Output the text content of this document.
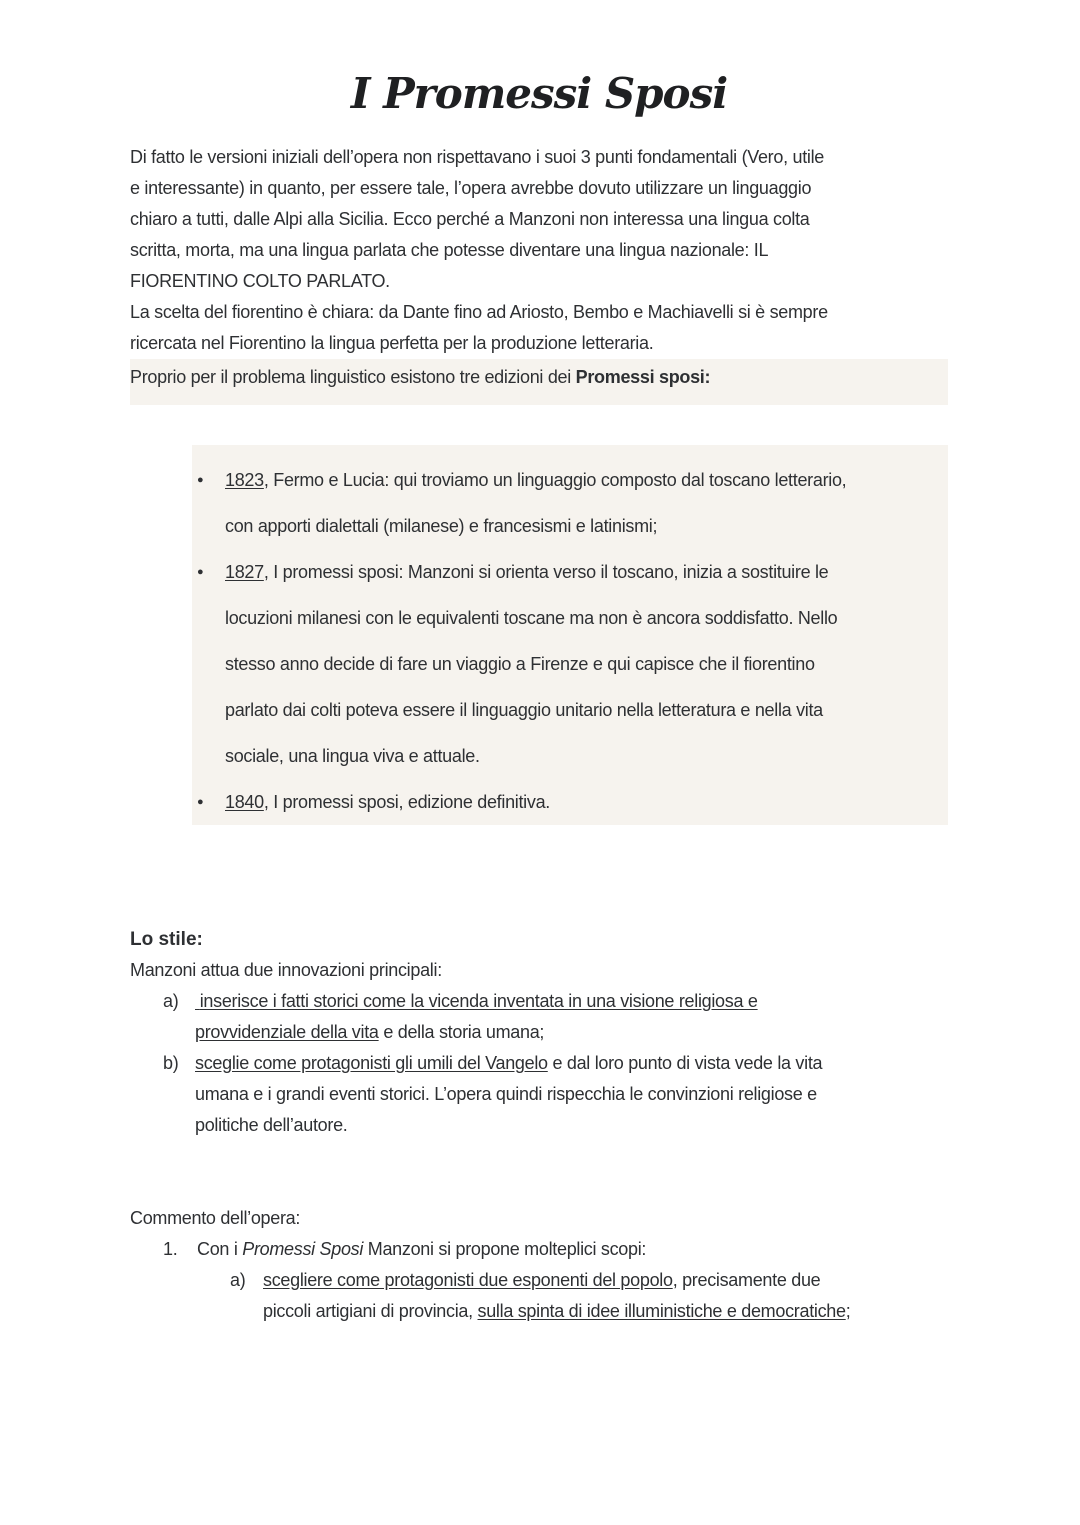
I Promessi Sposi
Di fatto le versioni iniziali dell’opera non rispettavano i suoi 3 punti fondamentali (Vero, utile
e interessante) in quanto, per essere tale, l’opera avrebbe dovuto utilizzare un linguaggio
chiaro a tutti, dalle Alpi alla Sicilia. Ecco perché a Manzoni non interessa una lingua colta
scritta, morta, ma una lingua parlata che potesse diventare una lingua nazionale: IL
FIORENTINO COLTO PARLATO.
La scelta del fiorentino è chiara: da Dante fino ad Ariosto, Bembo e Machiavelli si è sempre
ricercata nel Fiorentino la lingua perfetta per la produzione letteraria.
Proprio per il problema linguistico esistono tre edizioni dei Promessi sposi:
●	1823, Fermo e Lucia: qui troviamo un linguaggio composto dal toscano letterario,
con apporti dialettali (milanese) e francesismi e latinismi;
●	1827, I promessi sposi: Manzoni si orienta verso il toscano, inizia a sostituire le
locuzioni milanesi con le equivalenti toscane ma non è ancora soddisfatto. Nello
stesso anno decide di fare un viaggio a Firenze e qui capisce che il fiorentino
parlato dai colti poteva essere il linguaggio unitario nella letteratura e nella vita
sociale, una lingua viva e attuale.
●	1840, I promessi sposi, edizione definitiva.
Lo stile:
Manzoni attua due innovazioni principali:
a) inserisce i fatti storici come la vicenda inventata in una visione religiosa e
provvidenziale della vita e della storia umana;
b) sceglie come protagonisti gli umili del Vangelo e dal loro punto di vista vede la vita
umana e i grandi eventi storici. L’opera quindi rispecchia le convinzioni religiose e
politiche dell’autore.
Commento dell’opera:
1.	Con i Promessi Sposi Manzoni si propone molteplici scopi:
a) scegliere come protagonisti due esponenti del popolo, precisamente due
piccoli artigiani di provincia, sulla spinta di idee illuministiche e democratiche;
